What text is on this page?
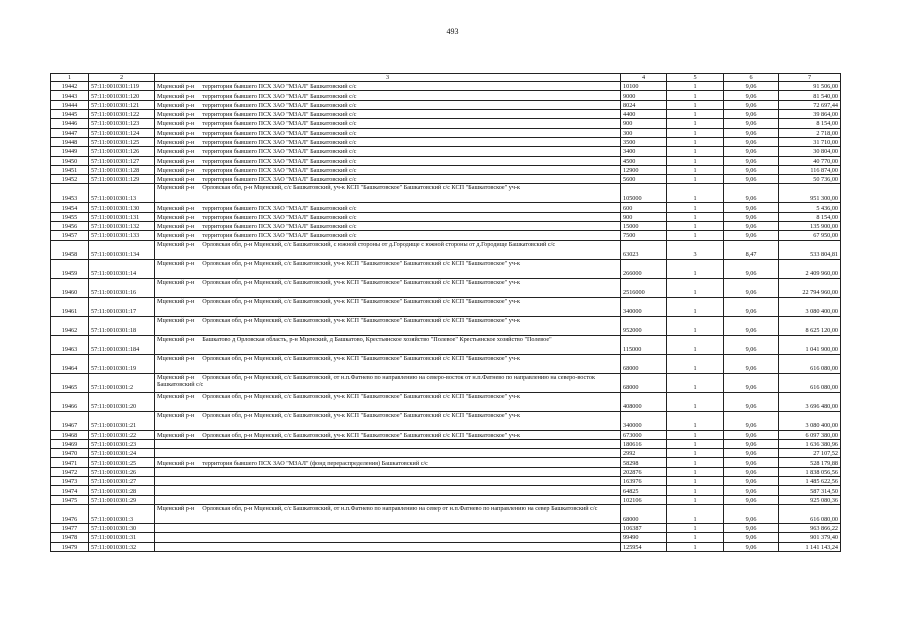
493
1	2	3	4	5	6	7
19442	57:11:0010301:119	Мценский р-н территория бывшего ПСХ ЗАО "МЗАЛ" Башкатовский с/с	10100	1	9,06	91 506,00
19443	57:11:0010301:120	Мценский р-н территория бывшего ПСХ ЗАО "МЗАЛ" Башкатовский с/с	9000	1	9,06	81 540,00
19444	57:11:0010301:121	Мценский р-н территория бывшего ПСХ ЗАО "МЗАЛ" Башкатовский с/с	8024	1	9,06	72 697,44
19445	57:11:0010301:122	Мценский р-н территория бывшего ПСХ ЗАО "МЗАЛ" Башкатовский с/с	4400	1	9,06	39 864,00
19446	57:11:0010301:123	Мценский р-н территория бывшего ПСХ ЗАО "МЗАЛ" Башкатовский с/с	900	1	9,06	8 154,00
19447	57:11:0010301:124	Мценский р-н территория бывшего ПСХ ЗАО "МЗАЛ" Башкатовский с/с	300	1	9,06	2 718,00
19448	57:11:0010301:125	Мценский р-н территория бывшего ПСХ ЗАО "МЗАЛ" Башкатовский с/с	3500	1	9,06	31 710,00
19449	57:11:0010301:126	Мценский р-н территория бывшего ПСХ ЗАО "МЗАЛ" Башкатовский с/с	3400	1	9,06	30 804,00
19450	57:11:0010301:127	Мценский р-н территория бывшего ПСХ ЗАО "МЗАЛ" Башкатовский с/с	4500	1	9,06	40 770,00
19451	57:11:0010301:128	Мценский р-н территория бывшего ПСХ ЗАО "МЗАЛ" Башкатовский с/с	12900	1	9,06	116 874,00
19452	57:11:0010301:129	Мценский р-н территория бывшего ПСХ ЗАО "МЗАЛ" Башкатовский с/с	5600	1	9,06	50 736,00
19453	57:11:0010301:13	Мценский р-н Орловская обл, р-н Мценский, с/с Башкатовский, уч-к КСП "Башкатовское" Башкатовский с/с КСП "Башкатовское" уч-к	105000	1	9,06	951 300,00
19454	57:11:0010301:130	Мценский р-н территория бывшего ПСХ ЗАО "МЗАЛ" Башкатовский с/с	600	1	9,06	5 436,00
19455	57:11:0010301:131	Мценский р-н территория бывшего ПСХ ЗАО "МЗАЛ" Башкатовский с/с	900	1	9,06	8 154,00
19456	57:11:0010301:132	Мценский р-н территория бывшего ПСХ ЗАО "МЗАЛ" Башкатовский с/с	15000	1	9,06	135 900,00
19457	57:11:0010301:133	Мценский р-н территория бывшего ПСХ ЗАО "МЗАЛ" Башкатовский с/с	7500	1	9,06	67 950,00
19458	57:11:0010301:134	Мценский р-н Орловская обл, р-н Мценский, с/с Башкатовский, с южной стороны от д.Городище с южной стороны от д.Городище Башкатовский с/с	63023	3	8,47	533 804,81
19459	57:11:0010301:14	Мценский р-н Орловская обл, р-н Мценский, с/с Башкатовский, уч-к КСП "Башкатовское" Башкатовский с/с КСП "Башкатовское" уч-к	266000	1	9,06	2 409 960,00
19460	57:11:0010301:16	Мценский р-н Орловская обл, р-н Мценский, с/с Башкатовский, уч-к КСП "Башкатовское" Башкатовский с/с КСП "Башкатовское" уч-к	2516000	1	9,06	22 794 960,00
19461	57:11:0010301:17	Мценский р-н Орловская обл, р-н Мценский, с/с Башкатовский, уч-к КСП "Башкатовское" Башкатовский с/с КСП "Башкатовское" уч-к	340000	1	9,06	3 080 400,00
19462	57:11:0010301:18	Мценский р-н Орловская обл, р-н Мценский, с/с Башкатовский, уч-к КСП "Башкатовское" Башкатовский с/с КСП "Башкатовское" уч-к	952000	1	9,06	8 625 120,00
19463	57:11:0010301:184	Мценский р-н Башкатово д Орловская область, р-н Мценский, д Башкатово, Крестьянское хозяйство "Полевое" Крестьянское хозяйство "Полевое"	115000	1	9,06	1 041 900,00
19464	57:11:0010301:19	Мценский р-н Орловская обл, р-н Мценский, с/с Башкатовский, уч-к КСП "Башкатовское" Башкатовский с/с КСП "Башкатовское" уч-к	68000	1	9,06	616 080,00
19465	57:11:0010301:2	Мценский р-н Орловская обл, р-н Мценский, с/с Башкатовский, от н.п.Фатнево по направлению на северо-восток от н.п.Фатнево по направлению на северо-восток Башкатовский с/с	68000	1	9,06	616 080,00
19466	57:11:0010301:20	Мценский р-н Орловская обл, р-н Мценский, с/с Башкатовский, уч-к КСП "Башкатовское" Башкатовский с/с КСП "Башкатовское" уч-к	408000	1	9,06	3 696 480,00
19467	57:11:0010301:21	Мценский р-н Орловская обл, р-н Мценский, с/с Башкатовский, уч-к КСП "Башкатовское" Башкатовский с/с КСП "Башкатовское" уч-к	340000	1	9,06	3 080 400,00
19468	57:11:0010301:22	Мценский р-н Орловская обл, р-н Мценский, с/с Башкатовский, уч-к КСП "Башкатовское" Башкатовский с/с КСП "Башкатовское" уч-к	673000	1	9,06	6 097 380,00
19469	57:11:0010301:23		180616	1	9,06	1 636 380,96
19470	57:11:0010301:24		2992	1	9,06	27 107,52
19471	57:11:0010301:25	Мценский р-н территория бывшего ПСХ ЗАО "МЗАЛ" (фонд перераспределения) Башкатовский с/с	58298	1	9,06	528 179,88
19472	57:11:0010301:26		202876	1	9,06	1 838 056,56
19473	57:11:0010301:27		163976	1	9,06	1 485 622,56
19474	57:11:0010301:28		64825	1	9,06	587 314,50
19475	57:11:0010301:29		102106	1	9,06	925 080,36
19476	57:11:0010301:3	Мценский р-н Орловская обл, р-н Мценский, с/с Башкатовский, от н.п.Фатнево по направлению на север от н.п.Фатнево по направлению на север Башкатовский с/с	68000	1	9,06	616 080,00
19477	57:11:0010301:30		106387	1	9,06	963 866,22
19478	57:11:0010301:31		99490	1	9,06	901 379,40
19479	57:11:0010301:32		125954	1	9,06	1 141 143,24
